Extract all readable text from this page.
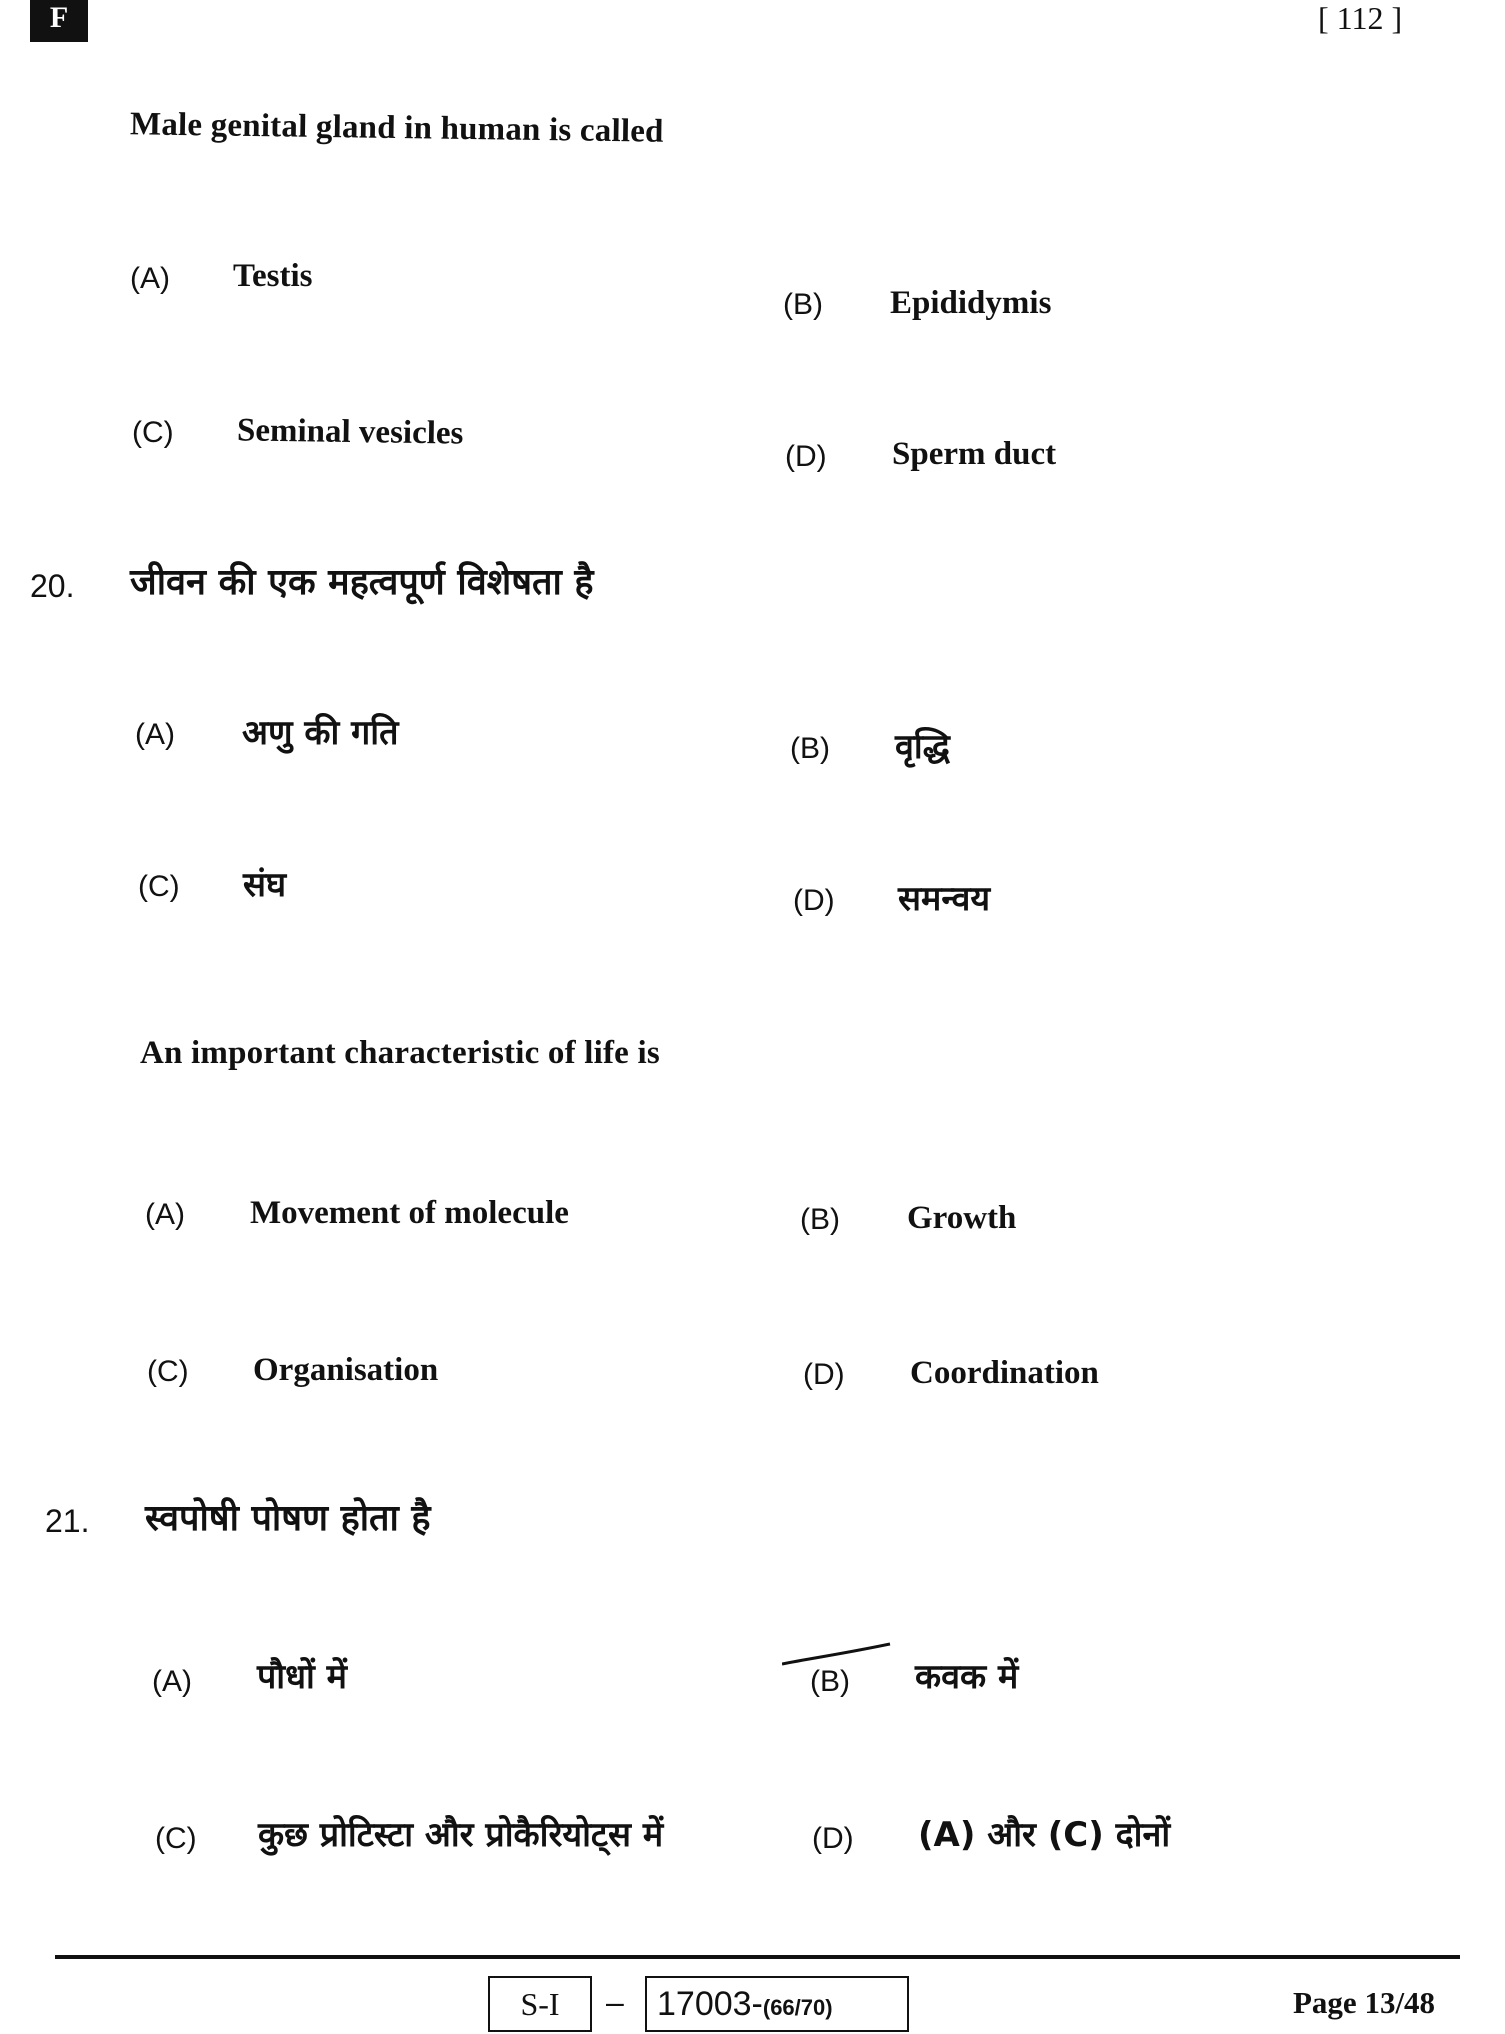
F	[ 112 ]
Male genital gland in human is called
(A) Testis
(B) Epididymis
(C) Seminal vesicles
(D) Sperm duct
20. जीवन की एक महत्वपूर्ण विशेषता है
(A) अणु की गति	(B) वृद्धि
(C) संघ	(D) समन्वय
An important characteristic of life is
(A) Movement of molecule	(B) Growth
(C) Organisation	(D) Coordination
21. स्वपोषी पोषण होता है
(A) पौधों में	(B) कवक में
(C) कुछ प्रोटिस्टा और प्रोकैरियोट्स में	(D) (A) और (C) दोनों
S-I	– 17003-(66/70)	Page 13/48
